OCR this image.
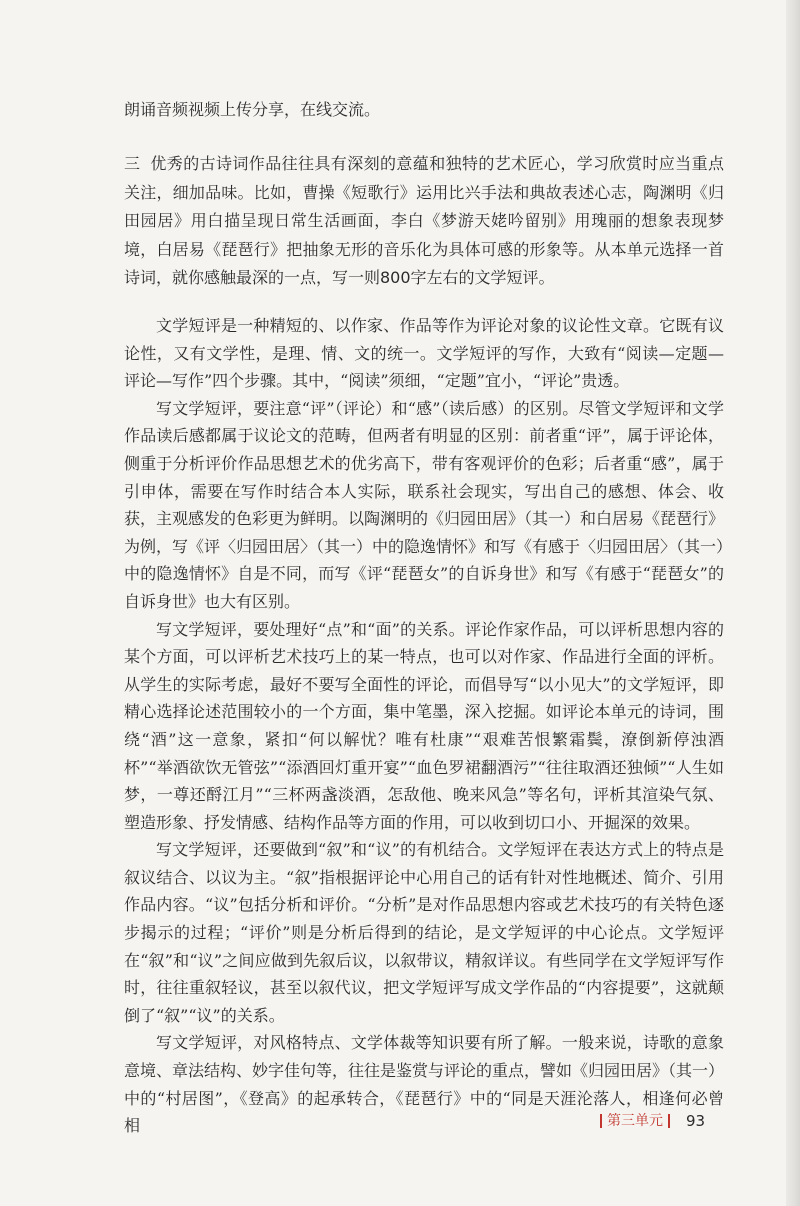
朗诵音频视频上传分享，在线交流。

三 优秀的古诗词作品往往具有深刻的意蕴和独特的艺术匠心，学习欣赏时应当重点关注，细加品味。比如，曹操《短歌行》运用比兴手法和典故表述心志，陶渊明《归田园居》用白描呈现日常生活画面，李白《梦游天姥吟留别》用瑰丽的想象表现梦境，白居易《琵琶行》把抽象无形的音乐化为具体可感的形象等。从本单元选择一首诗词，就你感触最深的一点，写一则800字左右的文学短评。

文学短评是一种精短的、以作家、作品等作为评论对象的议论性文章。它既有议论性，又有文学性，是理、情、文的统一。文学短评的写作，大致有“阅读—定题—评论—写作”四个步骤。其中，“阅读”须细，“定题”宜小，“评论”贵透。

写文学短评，要注意“评”（评论）和“感”（读后感）的区别。尽管文学短评和文学作品读后感都属于议论文的范畴，但两者有明显的区别：前者重“评”，属于评论体，侧重于分析评价作品思想艺术的优劣高下，带有客观评价的色彩；后者重“感”，属于引申体，需要在写作时结合本人实际，联系社会现实，写出自己的感想、体会、收获，主观感发的色彩更为鲜明。以陶渊明的《归园田居》（其一）和白居易《琵琶行》为例，写《评〈归园田居〉（其一）中的隐逸情怀》和写《有感于〈归园田居〉（其一）中的隐逸情怀》自是不同，而写《评“琵琶女”的自诉身世》和写《有感于“琵琶女”的自诉身世》也大有区别。

写文学短评，要处理好“点”和“面”的关系。评论作家作品，可以评析思想内容的某个方面，可以评析艺术技巧上的某一特点，也可以对作家、作品进行全面的评析。从学生的实际考虑，最好不要写全面性的评论，而倡导写“以小见大”的文学短评，即精心选择论述范围较小的一个方面，集中笔墨，深入挖掘。如评论本单元的诗词，围绕“酒”这一意象，紧扣“何以解忧？唯有杜康”“艰难苦恨繁霜鬓，潦倒新停浊酒杯”“举酒欲饮无管弦”“添酒回灯重开宴”“血色罗裙翻酒污”“往往取酒还独倾”“人生如梦，一尊还酹江月”“三杯两盏淡酒，怎敌他、晚来风急”等名句，评析其渲染气氛、塑造形象、抒发情感、结构作品等方面的作用，可以收到切口小、开掘深的效果。

写文学短评，还要做到“叙”和“议”的有机结合。文学短评在表达方式上的特点是叙议结合、以议为主。“叙”指根据评论中心用自己的话有针对性地概述、简介、引用作品内容。“议”包括分析和评价。“分析”是对作品思想内容或艺术技巧的有关特色逐步揭示的过程；“评价”则是分析后得到的结论，是文学短评的中心论点。文学短评在“叙”和“议”之间应做到先叙后议，以叙带议，精叙详议。有些同学在文学短评写作时，往往重叙轻议，甚至以叙代议，把文学短评写成文学作品的“内容提要”，这就颠倒了“叙”“议”的关系。

写文学短评，对风格特点、文学体裁等知识要有所了解。一般来说，诗歌的意象意境、章法结构、妙字佳句等，往往是鉴赏与评论的重点，譬如《归园田居》（其一）中的“村居图”，《登高》的起承转合，《琵琶行》中的“同是天涯沦落人，相逢何必曾相	第三单元 93
